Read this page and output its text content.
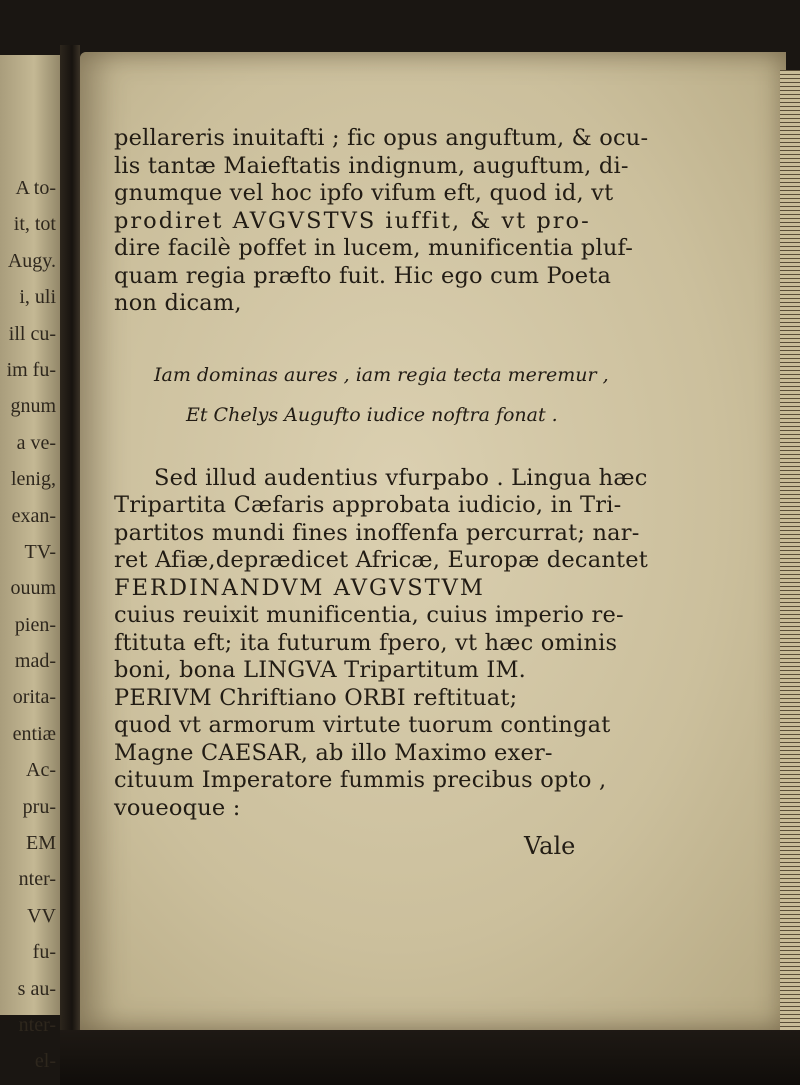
A to-
it, tot
Augy.
i, uli
ill cu-
im fu-
gnum
a ve-
lenig,
exan-
TV-
ouum
pien-
mad-
orita-
entiæ
Ac-
pru-
EM
nter-
VV
fu-
s au-
nter-
el-
pellareris inuitafti ; fic opus anguftum, & ocu-
lis tantæ Maieftatis indignum, auguftum, di-
gnumque vel hoc ipfo vifum eft, quod id, vt
prodiret AVGVSTVS iuffit, & vt pro-
dire facilè poffet in lucem, munificentia pluf-
quam regia præfto fuit. Hic ego cum Poeta
non dicam,
Iam dominas aures , iam regia tecta meremur ,
Et Chelys Augufto iudice noftra fonat .
Sed illud audentius vfurpabo . Lingua hæc
Tripartita Cæfaris approbata iudicio, in Tri-
partitos mundi fines inoffenfa percurrat; nar-
ret Afiæ,deprædicet Africæ, Europæ decantet
FERDINANDVM AVGVSTVM
cuius reuixit munificentia, cuius imperio re-
ftituta eft; ita futurum fpero, vt hæc ominis
boni, bona LINGVA Tripartitum IM.
PERIVM Chriftiano ORBI reftituat;
quod vt armorum virtute tuorum contingat
Magne CAESAR, ab illo Maximo exer-
cituum Imperatore fummis precibus opto ,
voueoque :
Vale
